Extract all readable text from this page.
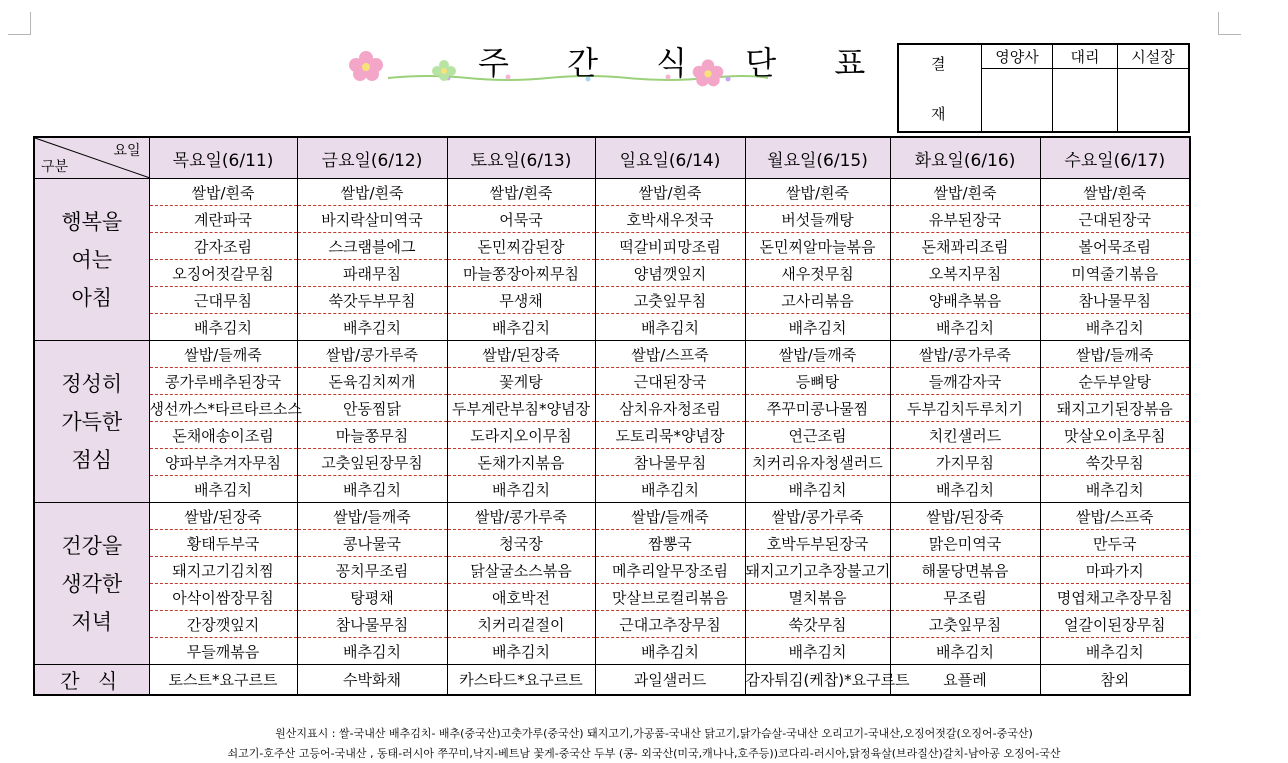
주 간 식 단 표	결
재	영양사	대리	시설장

요일
구분	목요일(6/11)	금요일(6/12)	토요일(6/13)	일요일(6/14)	월요일(6/15)	화요일(6/16)	수요일(6/17)

행복을
여는
아침	쌀밥/흰죽	쌀밥/흰죽	쌀밥/흰죽	쌀밥/흰죽	쌀밥/흰죽	쌀밥/흰죽	쌀밥/흰죽
	계란파국	바지락살미역국	어묵국	호박새우젓국	버섯들깨탕	유부된장국	근대된장국
	감자조림	스크램블에그	돈민찌감된장	떡갈비피망조림	돈민찌알마늘볶음	돈채꽈리조림	볼어묵조림
	오징어젓갈무침	파래무침	마늘쫑장아찌무침	양념깻잎지	새우젓무침	오복지무침	미역줄기볶음
	근대무침	쑥갓두부무침	무생채	고춧잎무침	고사리볶음	양배추볶음	참나물무침
	배추김치	배추김치	배추김치	배추김치	배추김치	배추김치	배추김치

정성히
가득한
점심	쌀밥/들깨죽	쌀밥/콩가루죽	쌀밥/된장죽	쌀밥/스프죽	쌀밥/들깨죽	쌀밥/콩가루죽	쌀밥/들깨죽
	콩가루배추된장국	돈육김치찌개	꽃게탕	근대된장국	등뼈탕	들깨감자국	순두부알탕
	생선까스*타르타르소스	안동찜닭	두부계란부침*양념장	삼치유자청조림	쭈꾸미콩나물찜	두부김치두루치기	돼지고기된장볶음
	돈채애송이조림	마늘쫑무침	도라지오이무침	도토리묵*양념장	연근조림	치킨샐러드	맛살오이초무침
	양파부추겨자무침	고춧잎된장무침	돈채가지볶음	참나물무침	치커리유자청샐러드	가지무침	쑥갓무침
	배추김치	배추김치	배추김치	배추김치	배추김치	배추김치	배추김치

건강을
생각한
저녁	쌀밥/된장죽	쌀밥/들깨죽	쌀밥/콩가루죽	쌀밥/들깨죽	쌀밥/콩가루죽	쌀밥/된장죽	쌀밥/스프죽
	황태두부국	콩나물국	청국장	짬뽕국	호박두부된장국	맑은미역국	만두국
	돼지고기김치찜	꽁치무조림	닭살굴소스볶음	메추리알무장조림	돼지고기고추장불고기	해물당면볶음	마파가지
	아삭이쌈장무침	탕평채	애호박전	맛살브로컬리볶음	멸치볶음	무조림	명엽채고추장무침
	간장깻잎지	참나물무침	치커리겉절이	근대고추장무침	쑥갓무침	고춧잎무침	얼갈이된장무침
	무들깨볶음	배추김치	배추김치	배추김치	배추김치	배추김치	배추김치
간 식	토스트*요구르트	수박화채	카스타드*요구르트	과일샐러드	감자튀김(케찹)*요구르트	요플레	참외
원산지표시 : 쌀-국내산 배추김치- 배추(중국산)고춧가루(중국산) 돼지고기,가공품-국내산 닭고기,닭가슴살-국내산 오리고기-국내산,오징어젓갈(오징어-중국산)
쇠고기-호주산 고등어-국내산 , 동태-러시아 쭈꾸미,낙지-베트남 꽃게-중국산 두부 (콩- 외국산(미국,캐나나,호주등))코다리-러시아,닭정육살(브라질산)갈치-남아공 오징어-국산
